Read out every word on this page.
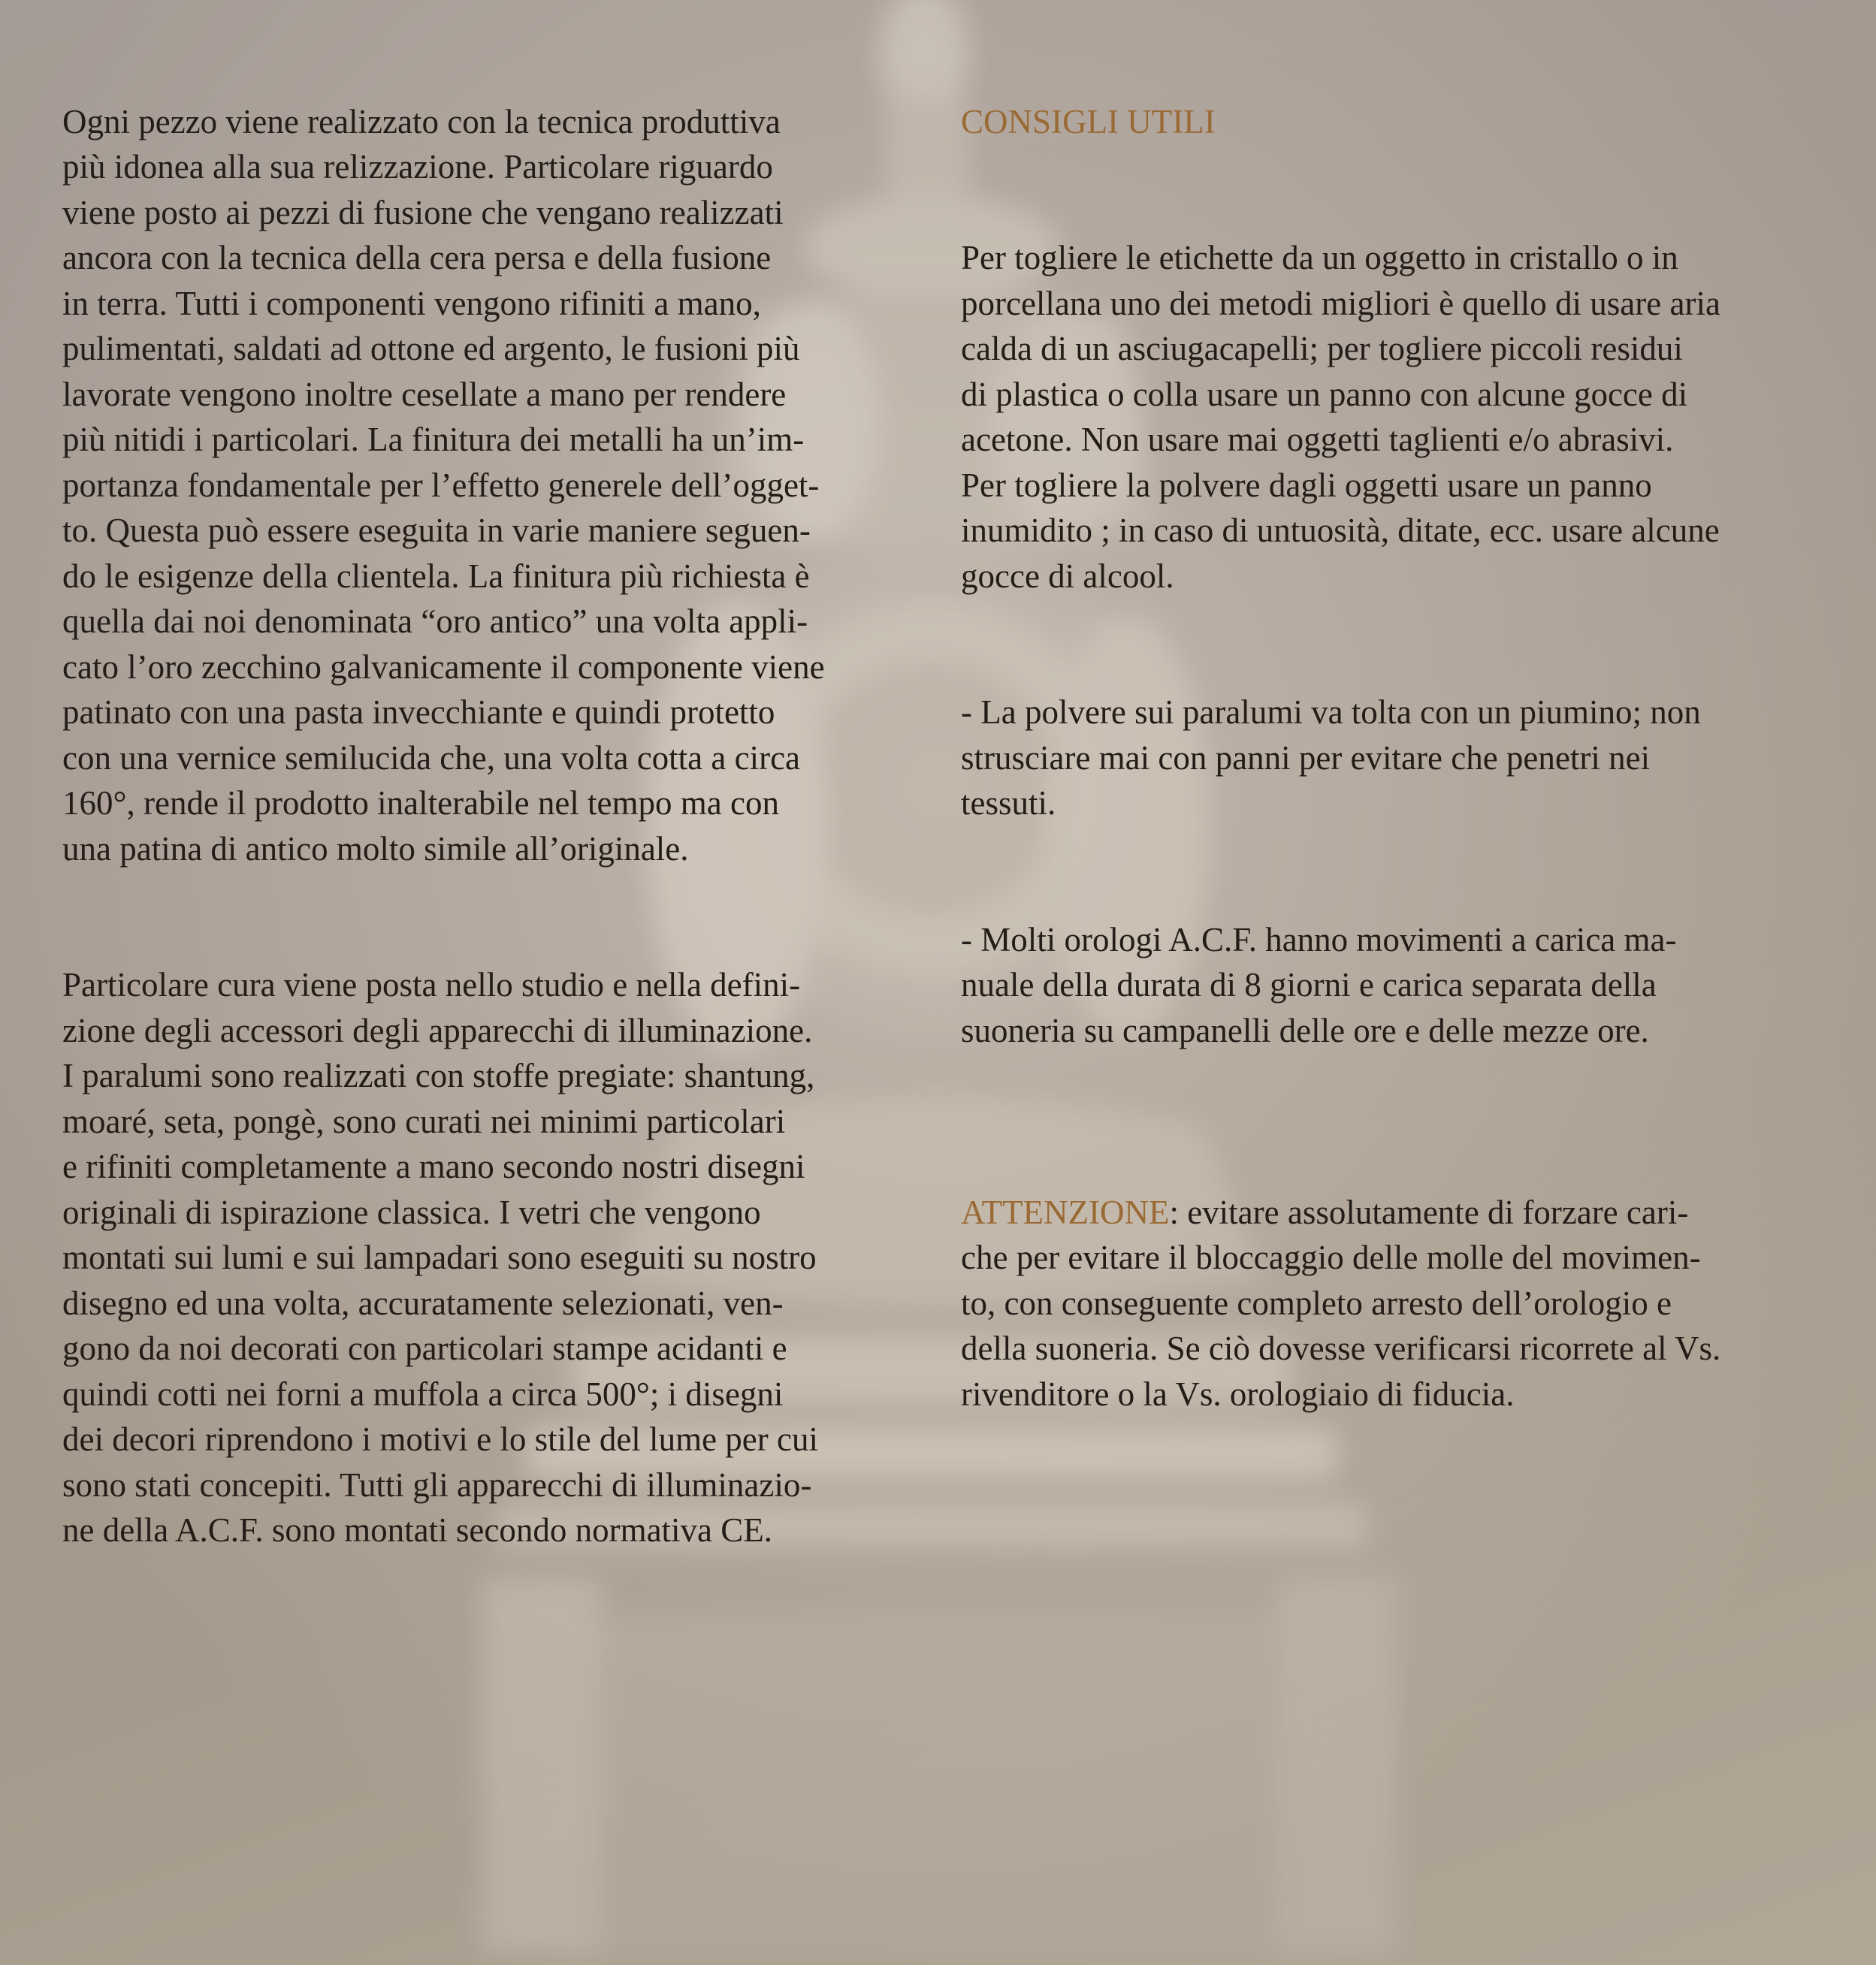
Ogni pezzo viene realizzato con la tecnica produttiva
più idonea alla sua relizzazione. Particolare riguardo
viene posto ai pezzi di fusione che vengano realizzati
ancora con la tecnica della cera persa e della fusione
in terra. Tutti i componenti vengono rifiniti a mano,
pulimentati, saldati ad ottone ed argento, le fusioni più
lavorate vengono inoltre cesellate a mano per rendere
più nitidi i particolari. La finitura dei metalli ha un’im-
portanza fondamentale per l’effetto generele dell’ogget-
to. Questa può essere eseguita in varie maniere seguen-
do le esigenze della clientela. La finitura più richiesta è
quella dai noi denominata “oro antico” una volta appli-
cato l’oro zecchino galvanicamente il componente viene
patinato con una pasta invecchiante e quindi protetto
con una vernice semilucida che, una volta cotta a circa
160°, rende il prodotto inalterabile nel tempo ma con
una patina di antico molto simile all’originale.

Particolare cura viene posta nello studio e nella defini-
zione degli accessori degli apparecchi di illuminazione.
I paralumi sono realizzati con stoffe pregiate: shantung,
moaré, seta, pongè, sono curati nei minimi particolari
e rifiniti completamente a mano secondo nostri disegni
originali di ispirazione classica. I vetri che vengono
montati sui lumi e sui lampadari sono eseguiti su nostro
disegno ed una volta, accuratamente selezionati, ven-
gono da noi decorati con particolari stampe acidanti e
quindi cotti nei forni a muffola a circa 500°; i disegni
dei decori riprendono i motivi e lo stile del lume per cui
sono stati concepiti. Tutti gli apparecchi di illuminazio-
ne della A.C.F. sono montati secondo normativa CE.

CONSIGLI UTILI

Per togliere le etichette da un oggetto in cristallo o in
porcellana uno dei metodi migliori è quello di usare aria
calda di un asciugacapelli; per togliere piccoli residui
di plastica o colla usare un panno con alcune gocce di
acetone. Non usare mai oggetti taglienti e/o abrasivi.
Per togliere la polvere dagli oggetti usare un panno
inumidito ; in caso di untuosità, ditate, ecc. usare alcune
gocce di alcool.

- La polvere sui paralumi va tolta con un piumino; non
strusciare mai con panni per evitare che penetri nei
tessuti.

- Molti orologi A.C.F. hanno movimenti a carica ma-
nuale della durata di 8 giorni e carica separata della
suoneria su campanelli delle ore e delle mezze ore.

ATTENZIONE: evitare assolutamente di forzare cari-
che per evitare il bloccaggio delle molle del movimen-
to, con conseguente completo arresto dell’orologio e
della suoneria. Se ciò dovesse verificarsi ricorrete al Vs.
rivenditore o la Vs. orologiaio di fiducia.
